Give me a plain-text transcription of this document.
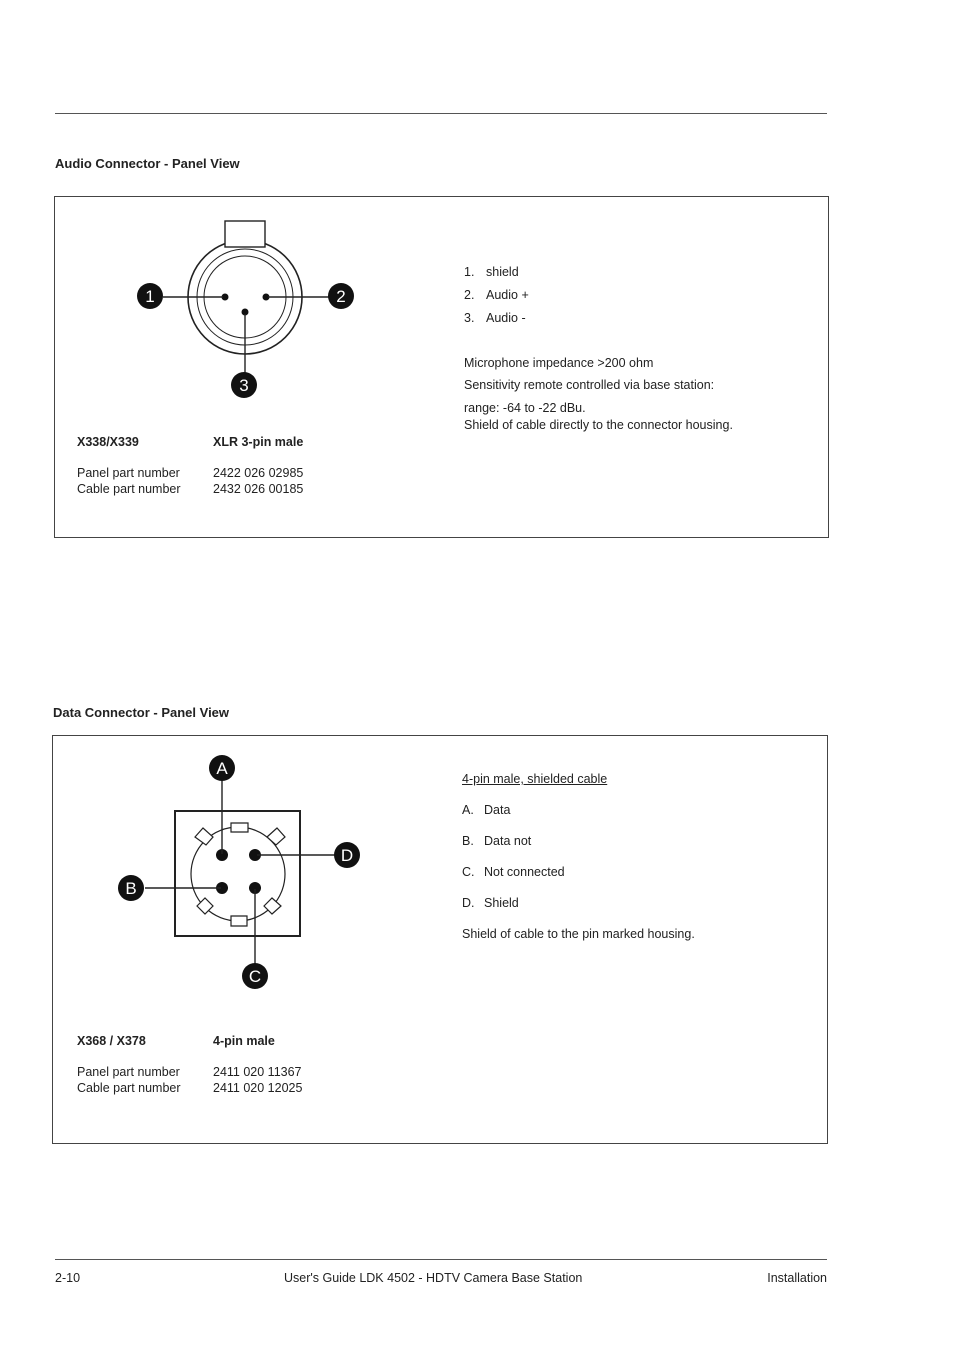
Audio Connector - Panel View
1	2
3
1. shield
2. Audio +
3. Audio -
Microphone impedance >200 ohm
Sensitivity remote controlled via base station:
range: -64 to -22 dBu.
Shield of cable directly to the connector housing.
X338/X339	XLR 3-pin male
Panel part number	2422 026 02985
Cable part number	2432 026 00185
Data Connector - Panel View
A
B
C
D
4-pin male, shielded cable
A. Data
B. Data not
C. Not connected
D. Shield
Shield of cable to the pin marked housing.
X368 / X378	4-pin male
Panel part number	2411 020 11367
Cable part number	2411 020 12025
2-10	User's Guide LDK 4502 - HDTV Camera Base Station	Installation
